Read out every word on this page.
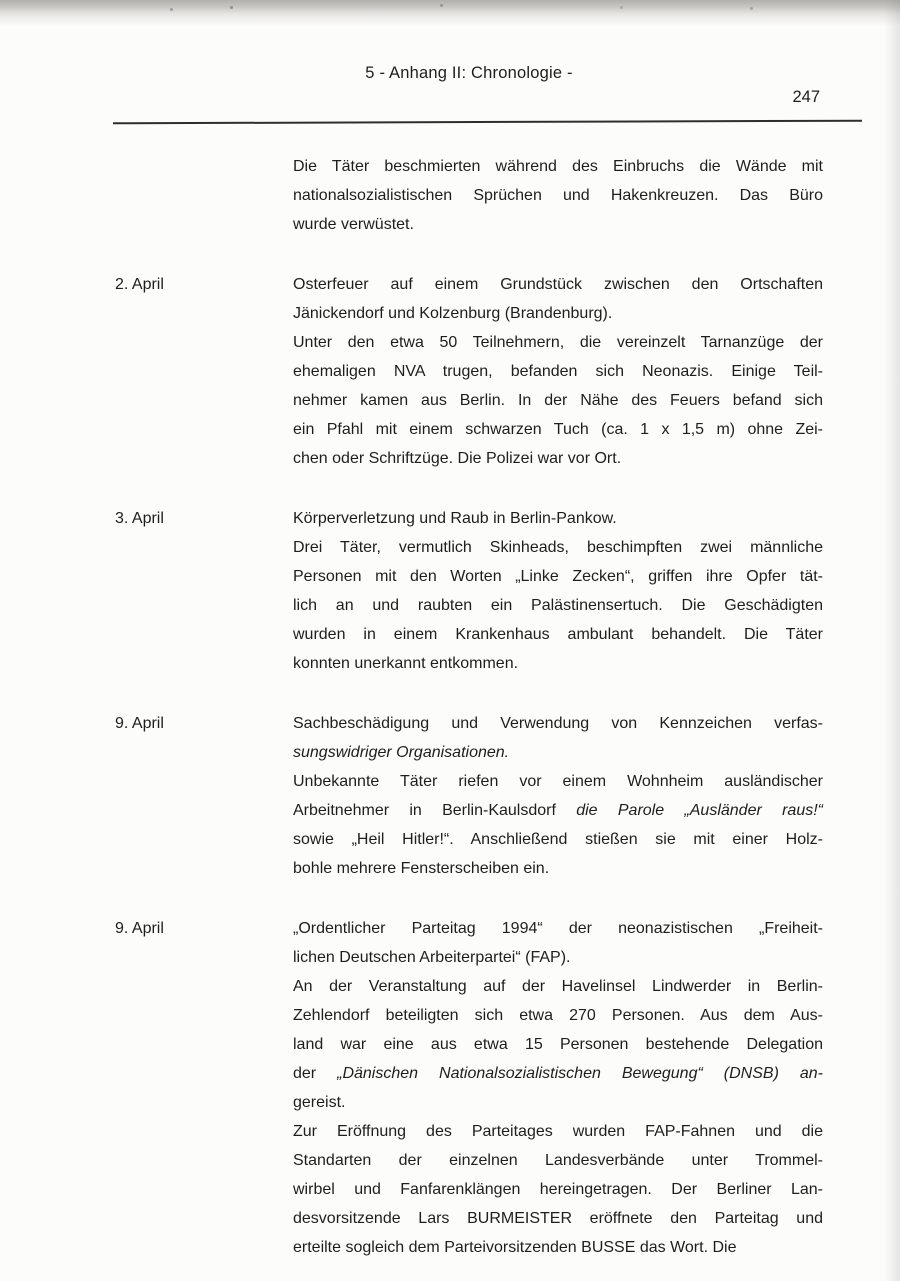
5 - Anhang II: Chronologie -
247
Die Täter beschmierten während des Einbruchs die Wände mit
nationalsozialistischen Sprüchen und Hakenkreuzen. Das Büro
wurde verwüstet.
2. April	Osterfeuer auf einem Grundstück zwischen den Ortschaften
Jänickendorf und Kolzenburg (Brandenburg).
Unter den etwa 50 Teilnehmern, die vereinzelt Tarnanzüge der
ehemaligen NVA trugen, befanden sich Neonazis. Einige Teil-
nehmer kamen aus Berlin. In der Nähe des Feuers befand sich
ein Pfahl mit einem schwarzen Tuch (ca. 1 x 1,5 m) ohne Zei-
chen oder Schriftzüge. Die Polizei war vor Ort.
3. April	Körperverletzung und Raub in Berlin-Pankow.
Drei Täter, vermutlich Skinheads, beschimpften zwei männliche
Personen mit den Worten „Linke Zecken“, griffen ihre Opfer tät-
lich an und raubten ein Palästinensertuch. Die Geschädigten
wurden in einem Krankenhaus ambulant behandelt. Die Täter
konnten unerkannt entkommen.
9. April	Sachbeschädigung und Verwendung von Kennzeichen verfas-
sungswidriger Organisationen.
Unbekannte Täter riefen vor einem Wohnheim ausländischer
Arbeitnehmer in Berlin-Kaulsdorf die Parole „Ausländer raus!“
sowie „Heil Hitler!“. Anschließend stießen sie mit einer Holz-
bohle mehrere Fensterscheiben ein.
9. April	„Ordentlicher Parteitag 1994“ der neonazistischen „Freiheit-
lichen Deutschen Arbeiterpartei“ (FAP).
An der Veranstaltung auf der Havelinsel Lindwerder in Berlin-
Zehlendorf beteiligten sich etwa 270 Personen. Aus dem Aus-
land war eine aus etwa 15 Personen bestehende Delegation
der „Dänischen Nationalsozialistischen Bewegung“ (DNSB) an-
gereist.
Zur Eröffnung des Parteitages wurden FAP-Fahnen und die
Standarten der einzelnen Landesverbände unter Trommel-
wirbel und Fanfarenklängen hereingetragen. Der Berliner Lan-
desvorsitzende Lars BURMEISTER eröffnete den Parteitag und
erteilte sogleich dem Parteivorsitzenden BUSSE das Wort. Die
